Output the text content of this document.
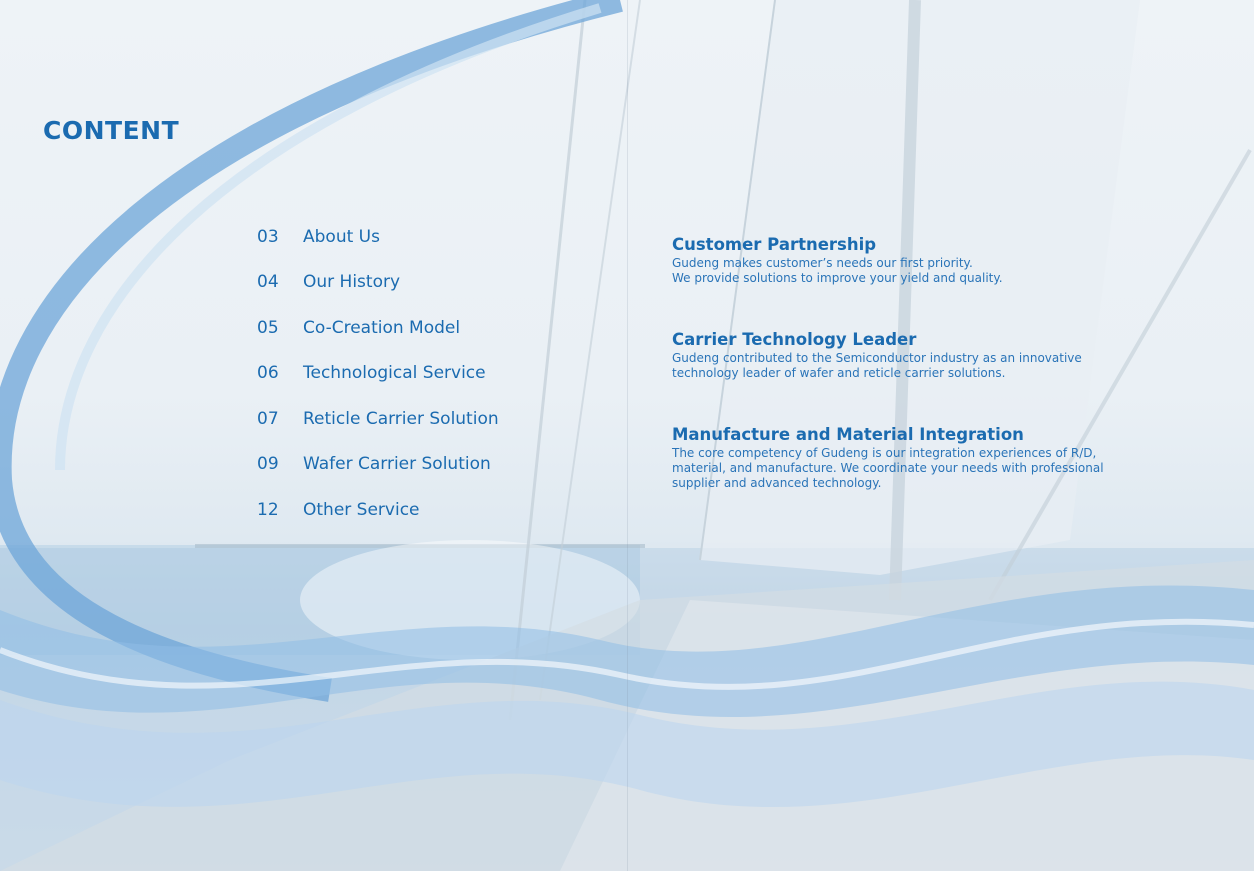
CONTENT
03	About Us
04	Our History
05	Co-Creation Model
06	Technological Service
07	Reticle Carrier Solution
09	Wafer Carrier Solution
12	Other Service
Customer Partnership

Gudeng makes customer’s needs our first priority.
We provide solutions to improve your yield and quality.

Carrier Technology Leader

Gudeng contributed to the Semiconductor industry as an innovative
technology leader of wafer and reticle carrier solutions.

Manufacture and Material Integration

The core competency of Gudeng is our integration experiences of R/D,
material, and manufacture. We coordinate your needs with professional
supplier and advanced technology.
